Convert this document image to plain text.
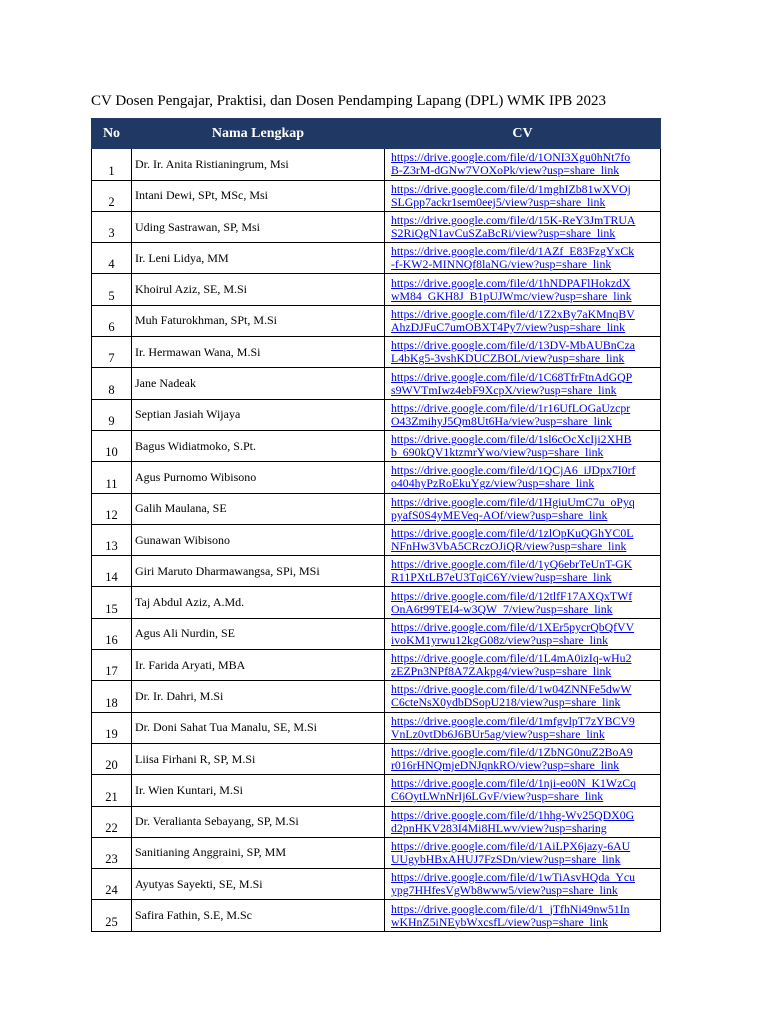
CV Dosen Pengajar, Praktisi, dan Dosen Pendamping Lapang (DPL) WMK IPB 2023
No	Nama Lengkap	CV
1	Dr. Ir. Anita Ristianingrum, Msi	https://drive.google.com/file/d/1ONI3Xgu0hNt7fo
B-Z3rM-dGNw7VOXoPk/view?usp=share_link

2	Intani Dewi, SPt, MSc, Msi	https://drive.google.com/file/d/1mghIZb81wXVOj
SLGpp7ackr1sem0eej5/view?usp=share_link

3	Uding Sastrawan, SP, Msi	https://drive.google.com/file/d/15K-ReY3JmTRUA
S2RiQgN1avCuSZaBcRi/view?usp=share_link

4	Ir. Leni Lidya, MM	https://drive.google.com/file/d/1AZf_E83FzgYxCk
-f-KW2-MINNQf8laNG/view?usp=share_link

5	Khoirul Aziz, SE, M.Si	https://drive.google.com/file/d/1hNDPAFlHokzdX
wM84_GKH8J_B1pUJWmc/view?usp=share_link

6	Muh Faturokhman, SPt, M.Si	https://drive.google.com/file/d/1Z2xBy7aKMnqBV
AhzDJFuC7umOBXT4Py7/view?usp=share_link

7	Ir. Hermawan Wana, M.Si	https://drive.google.com/file/d/13DV-MbAUBnCza
L4bKg5-3vshKDUCZBOL/view?usp=share_link

8	Jane Nadeak	https://drive.google.com/file/d/1C68TfrFtnAdGQP
s9WVTmIwz4ebF9XcpX/view?usp=share_link

9	Septian Jasiah Wijaya	https://drive.google.com/file/d/1r16UfLOGaUzcpr
O43ZmihyJ5Qm8Ut6Ha/view?usp=share_link

10	Bagus Widiatmoko, S.Pt.	https://drive.google.com/file/d/1sl6cOcXcIji2XHB
b_690kQV1ktzmrYwo/view?usp=share_link

11	Agus Purnomo Wibisono	https://drive.google.com/file/d/1QCjA6_iJDpx7I0rf
o404hyPzRoEkuYgz/view?usp=share_link

12	Galih Maulana, SE	https://drive.google.com/file/d/1HgiuUmC7u_oPyq
pyafS0S4yMEVeq-AOf/view?usp=share_link

13	Gunawan Wibisono	https://drive.google.com/file/d/1zlOpKuQGhYC0L
NFnHw3VbA5CRczOJiQR/view?usp=share_link

14	Giri Maruto Dharmawangsa, SPi, MSi	https://drive.google.com/file/d/1yQ6ebrTeUnT-GK
R11PXtLB7eU3TqiC6Y/view?usp=share_link

15	Taj Abdul Aziz, A.Md.	https://drive.google.com/file/d/12tlfF17AXQxTWf
OnA6t99TEI4-w3QW_7/view?usp=share_link

16	Agus Ali Nurdin, SE	https://drive.google.com/file/d/1XEr5pycrQbQfVV
ivoKM1yrwu12kgG08z/view?usp=share_link

17	Ir. Farida Aryati, MBA	https://drive.google.com/file/d/1L4mA0izIq-wHu2
zEZPn3NPf8A7ZAkpg4/view?usp=share_link

18	Dr. Ir. Dahri, M.Si	https://drive.google.com/file/d/1w04ZNNFe5dwW
C6cteNsX0ydbDSopU218/view?usp=share_link

19	Dr. Doni Sahat Tua Manalu, SE, M.Si	https://drive.google.com/file/d/1mfgvlpT7zYBCV9
VnLz0vtDb6J6BUr5ag/view?usp=share_link

20	Liisa Firhani R, SP, M.Si	https://drive.google.com/file/d/1ZbNG0nuZ2BoA9
r016rHNQmjeDNJqnkRO/view?usp=share_link

21	Ir. Wien Kuntari, M.Si	https://drive.google.com/file/d/1nji-eo0N_K1WzCq
C6OytLWnNrIj6LGvF/view?usp=share_link

22	Dr. Veralianta Sebayang, SP, M.Si	https://drive.google.com/file/d/1hhg-Wv25QDX0G
d2pnHKV283I4Mi8HLwv/view?usp=sharing

23	Sanitianing Anggraini, SP, MM	https://drive.google.com/file/d/1AiLPX6jazy-6AU
UUgybHBxAHUJ7FzSDn/view?usp=share_link

24	Ayutyas Sayekti, SE, M.Si	https://drive.google.com/file/d/1wTiAsvHQda_Ycu
ypg7HHfesVgWb8www5/view?usp=share_link

25	Safira Fathin, S.E, M.Sc	https://drive.google.com/file/d/1_jTfhNi49nw51In
wKHnZ5iNEybWxcsfL/view?usp=share_link
